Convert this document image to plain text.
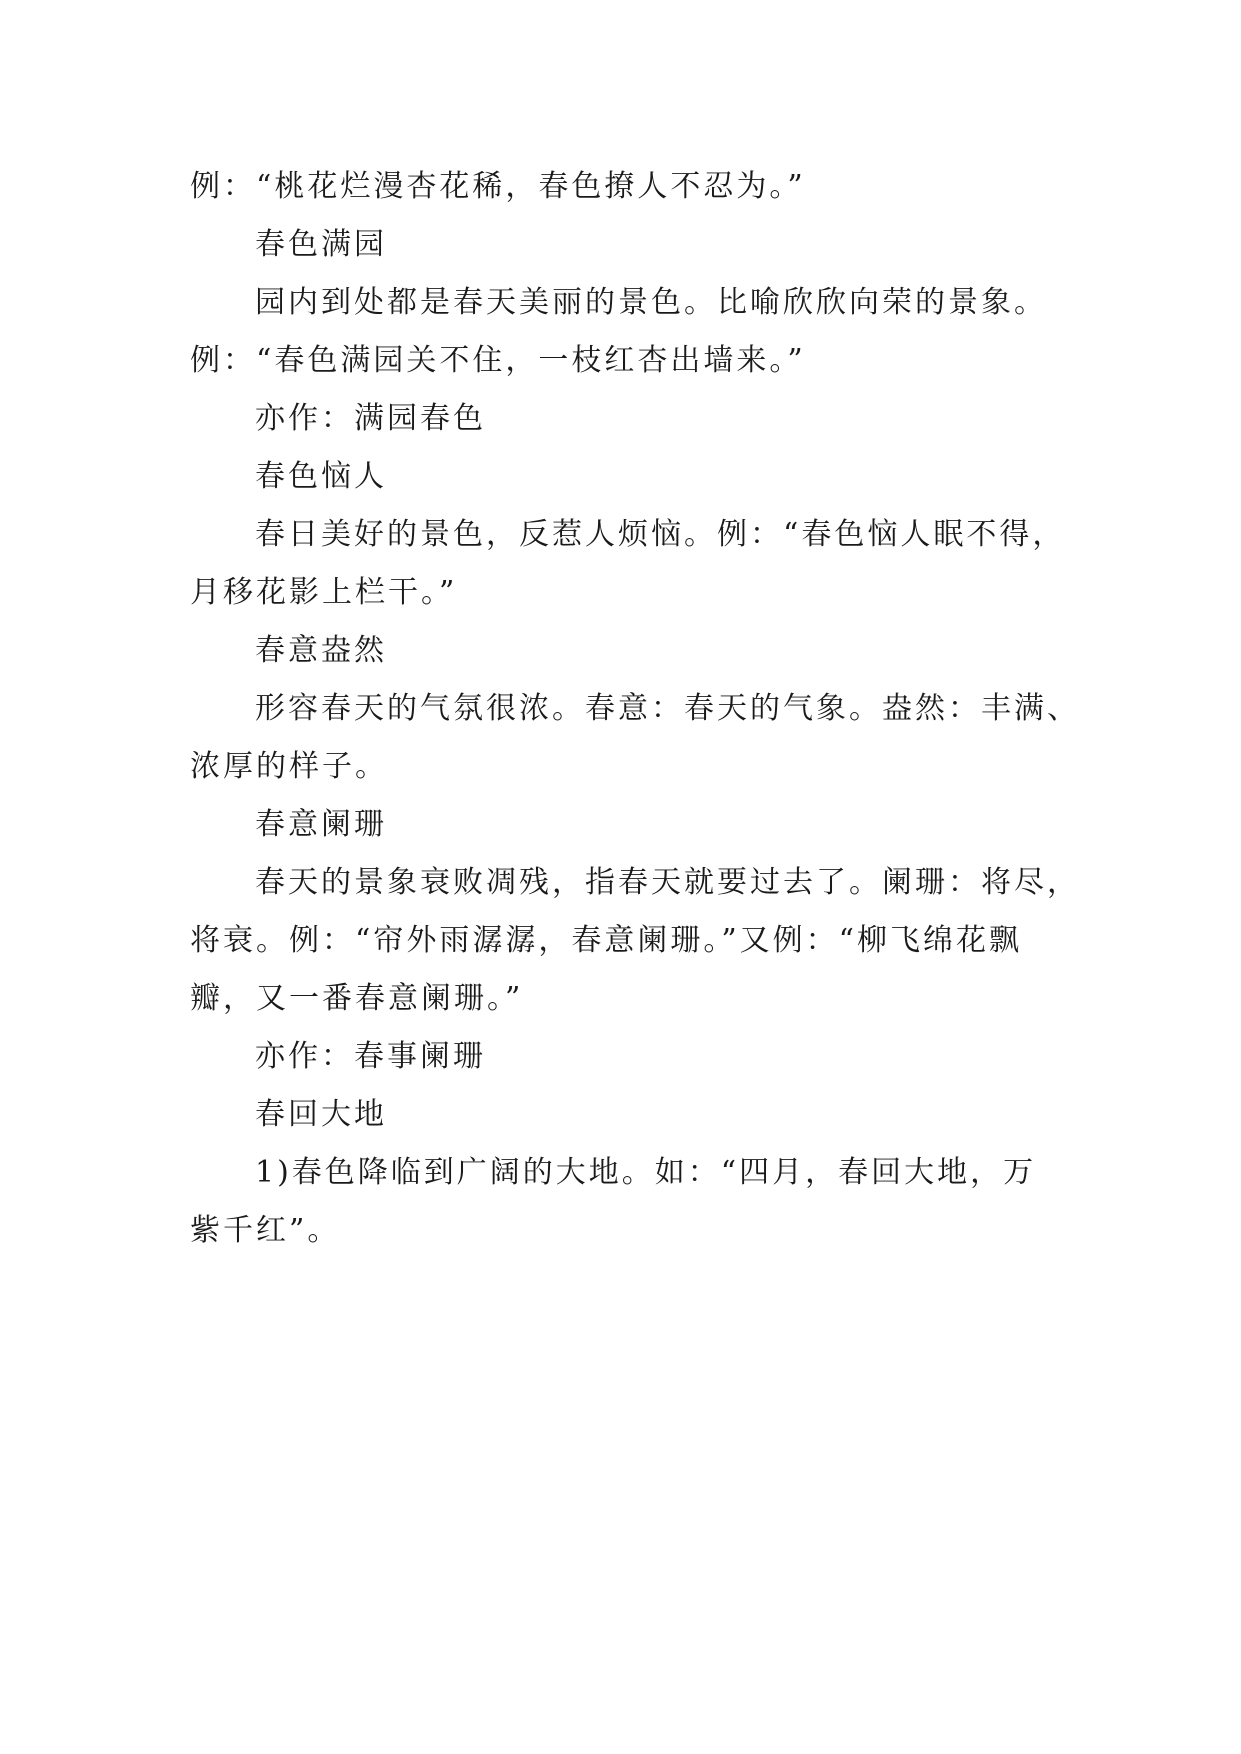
例：“桃花烂漫杏花稀，春色撩人不忍为。”
春色满园
园内到处都是春天美丽的景色。比喻欣欣向荣的景象。
例：“春色满园关不住，一枝红杏出墙来。”
亦作：满园春色
春色恼人
春日美好的景色，反惹人烦恼。例：“春色恼人眠不得，
月移花影上栏干。”
春意盎然
形容春天的气氛很浓。春意：春天的气象。盎然：丰满、
浓厚的样子。
春意阑珊
春天的景象衰败凋残，指春天就要过去了。阑珊：将尽，
将衰。例：“帘外雨潺潺，春意阑珊。”又例：“柳飞绵花飘
瓣，又一番春意阑珊。”
亦作：春事阑珊
春回大地
1)春色降临到广阔的大地。如：“四月，春回大地，万
紫千红”。
